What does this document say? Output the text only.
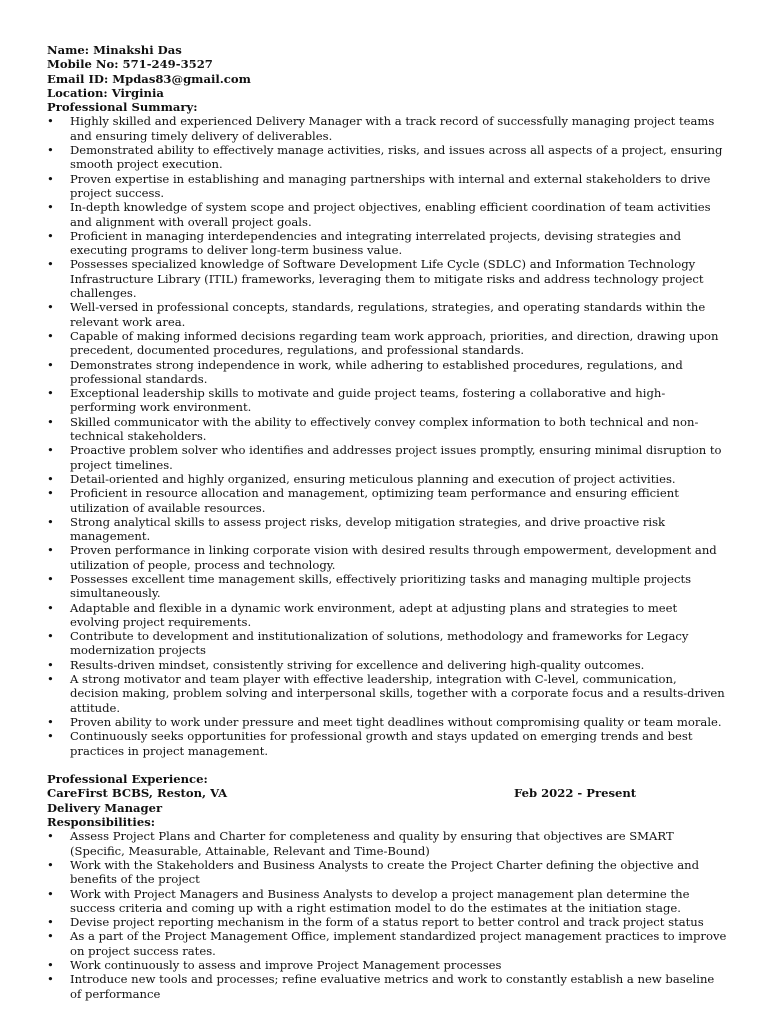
Name: Minakshi Das
Mobile No: 571-249-3527
Email ID: Mpdas83@gmail.com
Location: Virginia
Professional Summary:
• Highly skilled and experienced Delivery Manager with a track record of successfully managing project teams and ensuring timely delivery of deliverables.
• Demonstrated ability to effectively manage activities, risks, and issues across all aspects of a project, ensuring smooth project execution.
• Proven expertise in establishing and managing partnerships with internal and external stakeholders to drive project success.
• In-depth knowledge of system scope and project objectives, enabling efficient coordination of team activities and alignment with overall project goals.
• Proficient in managing interdependencies and integrating interrelated projects, devising strategies and executing programs to deliver long-term business value.
• Possesses specialized knowledge of Software Development Life Cycle (SDLC) and Information Technology Infrastructure Library (ITIL) frameworks, leveraging them to mitigate risks and address technology project challenges.
• Well-versed in professional concepts, standards, regulations, strategies, and operating standards within the relevant work area.
• Capable of making informed decisions regarding team work approach, priorities, and direction, drawing upon precedent, documented procedures, regulations, and professional standards.
• Demonstrates strong independence in work, while adhering to established procedures, regulations, and professional standards.
• Exceptional leadership skills to motivate and guide project teams, fostering a collaborative and high-performing work environment.
• Skilled communicator with the ability to effectively convey complex information to both technical and non-technical stakeholders.
• Proactive problem solver who identifies and addresses project issues promptly, ensuring minimal disruption to project timelines.
• Detail-oriented and highly organized, ensuring meticulous planning and execution of project activities.
• Proficient in resource allocation and management, optimizing team performance and ensuring efficient utilization of available resources.
• Strong analytical skills to assess project risks, develop mitigation strategies, and drive proactive risk management.
• Proven performance in linking corporate vision with desired results through empowerment, development and utilization of people, process and technology.
• Possesses excellent time management skills, effectively prioritizing tasks and managing multiple projects simultaneously.
• Adaptable and flexible in a dynamic work environment, adept at adjusting plans and strategies to meet evolving project requirements.
• Contribute to development and institutionalization of solutions, methodology and frameworks for Legacy modernization projects
• Results-driven mindset, consistently striving for excellence and delivering high-quality outcomes.
• A strong motivator and team player with effective leadership, integration with C-level, communication, decision making, problem solving and interpersonal skills, together with a corporate focus and a results-driven attitude.
• Proven ability to work under pressure and meet tight deadlines without compromising quality or team morale.
• Continuously seeks opportunities for professional growth and stays updated on emerging trends and best practices in project management.
Professional Experience:
CareFirst BCBS, Reston, VA	Feb 2022 - Present
Delivery Manager
Responsibilities:
• Assess Project Plans and Charter for completeness and quality by ensuring that objectives are SMART (Specific, Measurable, Attainable, Relevant and Time-Bound)
• Work with the Stakeholders and Business Analysts to create the Project Charter defining the objective and benefits of the project
• Work with Project Managers and Business Analysts to develop a project management plan determine the success criteria and coming up with a right estimation model to do the estimates at the initiation stage.
• Devise project reporting mechanism in the form of a status report to better control and track project status
• As a part of the Project Management Office, implement standardized project management practices to improve on project success rates.
• Work continuously to assess and improve Project Management processes
• Introduce new tools and processes; refine evaluative metrics and work to constantly establish a new baseline of performance
